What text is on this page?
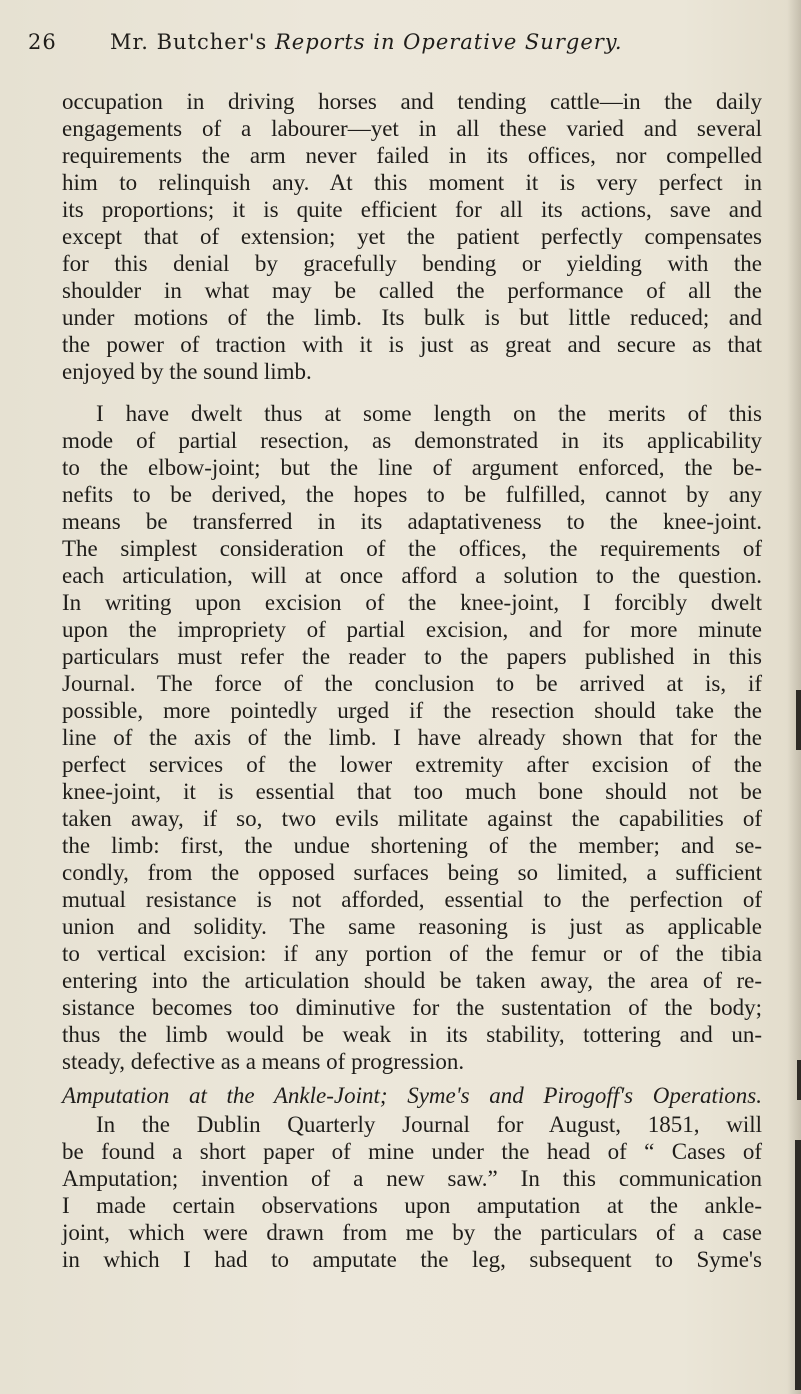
26	Mr. Butcher's Reports in Operative Surgery.
occupation in driving horses and tending cattle—in the daily
engagements of a labourer—yet in all these varied and several
requirements the arm never failed in its offices, nor compelled
him to relinquish any. At this moment it is very perfect in
its proportions; it is quite efficient for all its actions, save and
except that of extension; yet the patient perfectly compensates
for this denial by gracefully bending or yielding with the
shoulder in what may be called the performance of all the
under motions of the limb. Its bulk is but little reduced; and
the power of traction with it is just as great and secure as that
enjoyed by the sound limb.
I have dwelt thus at some length on the merits of this
mode of partial resection, as demonstrated in its applicability
to the elbow-joint; but the line of argument enforced, the be-
nefits to be derived, the hopes to be fulfilled, cannot by any
means be transferred in its adaptativeness to the knee-joint.
The simplest consideration of the offices, the requirements of
each articulation, will at once afford a solution to the question.
In writing upon excision of the knee-joint, I forcibly dwelt
upon the impropriety of partial excision, and for more minute
particulars must refer the reader to the papers published in this
Journal. The force of the conclusion to be arrived at is, if
possible, more pointedly urged if the resection should take the
line of the axis of the limb. I have already shown that for the
perfect services of the lower extremity after excision of the
knee-joint, it is essential that too much bone should not be
taken away, if so, two evils militate against the capabilities of
the limb: first, the undue shortening of the member; and se-
condly, from the opposed surfaces being so limited, a sufficient
mutual resistance is not afforded, essential to the perfection of
union and solidity. The same reasoning is just as applicable
to vertical excision: if any portion of the femur or of the tibia
entering into the articulation should be taken away, the area of re-
sistance becomes too diminutive for the sustentation of the body;
thus the limb would be weak in its stability, tottering and un-
steady, defective as a means of progression.
Amputation at the Ankle-Joint; Syme's and Pirogoff's Operations.
In the Dublin Quarterly Journal for August, 1851, will
be found a short paper of mine under the head of “ Cases of
Amputation; invention of a new saw.” In this communication
I made certain observations upon amputation at the ankle-
joint, which were drawn from me by the particulars of a case
in which I had to amputate the leg, subsequent to Syme's
